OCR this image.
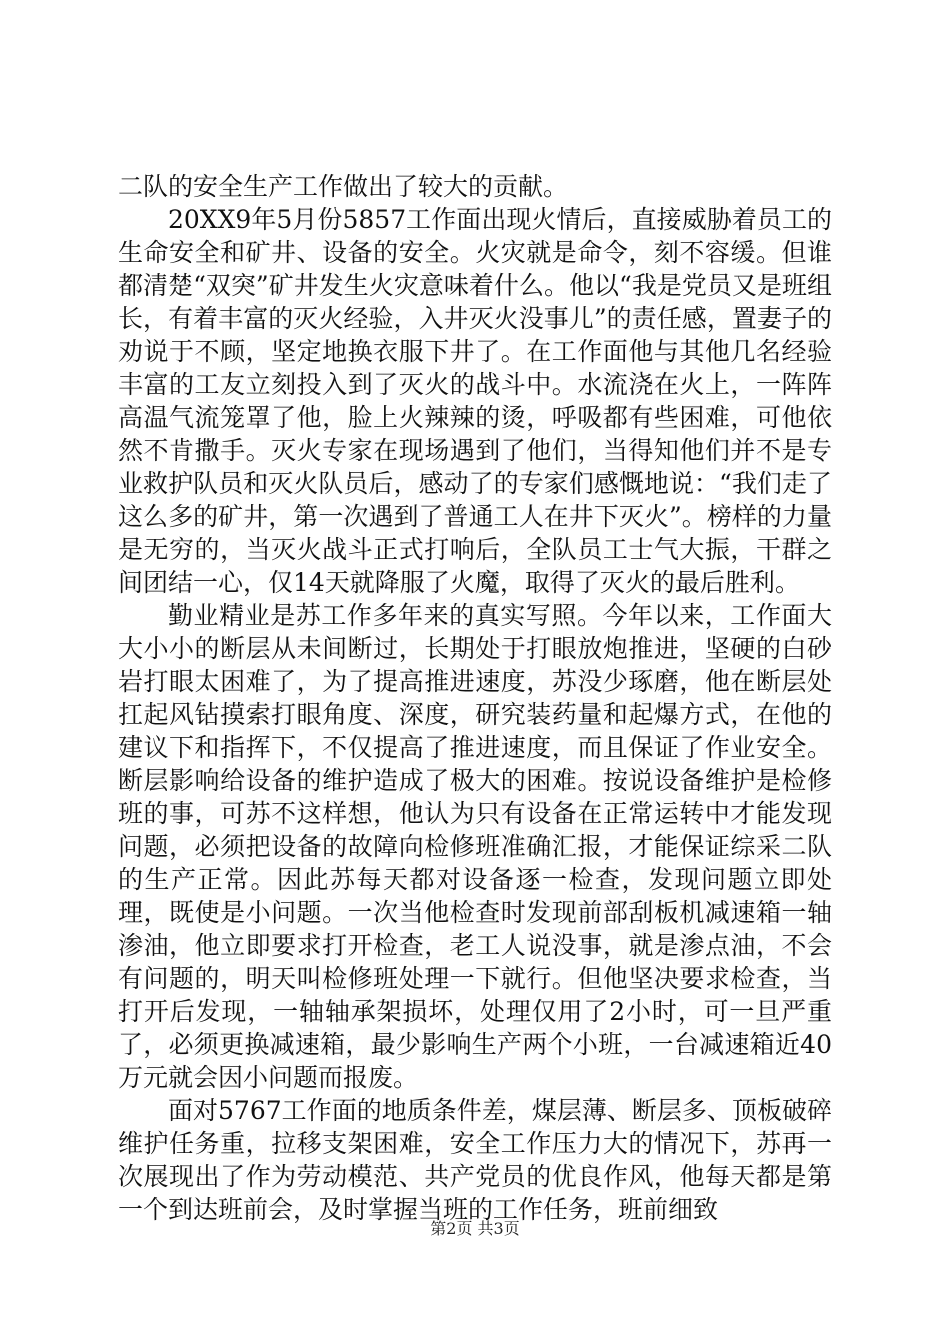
二队的安全生产工作做出了较大的贡献。

20XX9年5月份5857工作面出现火情后，直接威胁着员工的生命安全和矿井、设备的安全。火灾就是命令，刻不容缓。但谁都清楚“双突”矿井发生火灾意味着什么。他以“我是党员又是班组长，有着丰富的灭火经验，入井灭火没事儿”的责任感，置妻子的劝说于不顾，坚定地换衣服下井了。在工作面他与其他几名经验丰富的工友立刻投入到了灭火的战斗中。水流浇在火上，一阵阵高温气流笼罩了他，脸上火辣辣的烫，呼吸都有些困难，可他依然不肯撒手。灭火专家在现场遇到了他们，当得知他们并不是专业救护队员和灭火队员后，感动了的专家们感慨地说：“我们走了这么多的矿井，第一次遇到了普通工人在井下灭火”。榜样的力量是无穷的，当灭火战斗正式打响后，全队员工士气大振，干群之间团结一心，仅14天就降服了火魔，取得了灭火的最后胜利。

勤业精业是苏工作多年来的真实写照。今年以来，工作面大大小小的断层从未间断过，长期处于打眼放炮推进，坚硬的白砂岩打眼太困难了，为了提高推进速度，苏没少琢磨，他在断层处扛起风钻摸索打眼角度、深度，研究装药量和起爆方式，在他的建议下和指挥下，不仅提高了推进速度，而且保证了作业安全。断层影响给设备的维护造成了极大的困难。按说设备维护是检修班的事，可苏不这样想，他认为只有设备在正常运转中才能发现问题，必须把设备的故障向检修班准确汇报，才能保证综采二队的生产正常。因此苏每天都对设备逐一检查，发现问题立即处理，既使是小问题。一次当他检查时发现前部刮板机减速箱一轴渗油，他立即要求打开检查，老工人说没事，就是渗点油，不会有问题的，明天叫检修班处理一下就行。但他坚决要求检查，当打开后发现，一轴轴承架损坏，处理仅用了2小时，可一旦严重了，必须更换减速箱，最少影响生产两个小班，一台减速箱近40万元就会因小问题而报废。

面对5767工作面的地质条件差，煤层薄、断层多、顶板破碎维护任务重，拉移支架困难，安全工作压力大的情况下，苏再一次展现出了作为劳动模范、共产党员的优良作风，他每天都是第一个到达班前会，及时掌握当班的工作任务，班前细致

第2页 共3页
